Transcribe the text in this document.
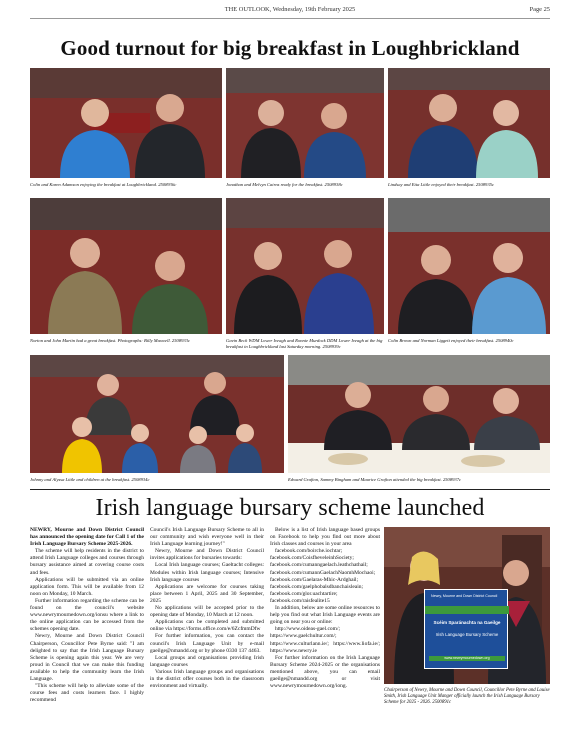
THE OUTLOOK, Wednesday, 19th February 2025	Page 25
Good turnout for big breakfast in Loughbrickland
Colin and Karen Adamson enjoying the breakfast at Loughbrickland. 2508936c	Jonathan and Melvyn Cairns ready for the breakfast. 2508938c	Lindsay and Etta Little enjoyed their breakfast. 2508935c
Norton and John Martin had a great breakfast. Photographs: Billy Maxwell. 2508933c	Gavin Beck WDM Lower Iveagh and Ronnie Murdock DDM Lower Iveagh at the big breakfast in Loughbrickland last Saturday morning. 2508939c
Colin Brown and Norman Liggett enjoyed their breakfast. 2508940c
Johnny and Alyssa Little and children at the breakfast. 2508934c	Edward Grafton, Sammy Bingham and Maurice Grafton attended the big breakfast. 2508937c
Irish language bursary scheme launched

NEWRY, Mourne and Down District Council has announced the opening date for Call 1 of the Irish Language Bursary Scheme 2025-2026.

The scheme will help residents in the district to attend Irish Language colleges and courses through bursary assistance aimed at covering course costs and fees.

Applications will be submitted via an online application form. This will be available from 12 noon on Monday, 10 March.

Further information regarding the scheme can be found on the council's website www.newrymournedown.org/ionsu where a link to the online application can be accessed from the schemes opening date.

Newry, Mourne and Down District Council Chairperson, Councillor Pete Byrne said: "I am delighted to say that the Irish Language Bursary Scheme is opening again this year. We are very proud in Council that we can make this funding available to help the community learn the Irish Language.

"This scheme will help to alleviate some of the course fees and costs learners face. I highly recommend

Council's Irish Language Bursary Scheme to all in our community and wish everyone well in their Irish Language learning journey!"

Newry, Mourne and Down District Council invites applications for bursaries towards:

Local Irish language courses; Gaeltacht colleges: Modules within Irish language courses; Intensive Irish language courses

Applications are welcome for courses taking place between 1 April, 2025 and 30 September, 2025

No applications will be accepted prior to the opening date of Monday, 10 March at 12 noon.

Applications can be completed and submitted online via https://forms.office.com/e/6ZcfmmDfw

For further information, you can contact the council's Irish Language Unit by e-mail gaeilge@nmandd.org or by phone 0330 137 4463.

Local groups and organisations providing Irish language courses

Various Irish language groups and organisations in the district offer courses both in the classroom environment and virtually.

Below is a list of Irish language based groups on Facebook to help you find out more about Irish classes and courses in your area

facebook.com/boirche.iochtar; facebook.com/CoisfheveleinhSociety; facebook.com/cumanngaelach.leathchathail; facebook.com/cumannGaelachNaomhMochaoi; facebook.com/Gaelaras-Mhic-Ardghail; facebook.com/gaelphobalsdbanchaisleain; facebook.com/glor.uachtartire; facebook.com/raisfealite15

In addition, below are some online resources to help you find out what Irish Language events are going on near you or online:

http://www.oideas-gael.com/; https://www.gaelchultur.com/; https://www.culturlann.ie/; https://www.liofa.ie/; https://www.newry.ie

For further information on the Irish Language Bursary Scheme 2024-2025 or the organisations mentioned above, you can email gaeilge@nmandd.org or visit www.newrymournedown.org/iong.

Newry, Mourne and Down District Council
Scéim Sparánachta na Gaeilge
Irish Language Bursary Scheme
www.newrymournedown.org
Chairperson of Newry, Mourne and Down Council, Councillor Pete Byrne and Louise Smith, Irish Language Unit Manger officially launch the Irish Language Bursary Scheme for 2025 - 2026. 2500891c
